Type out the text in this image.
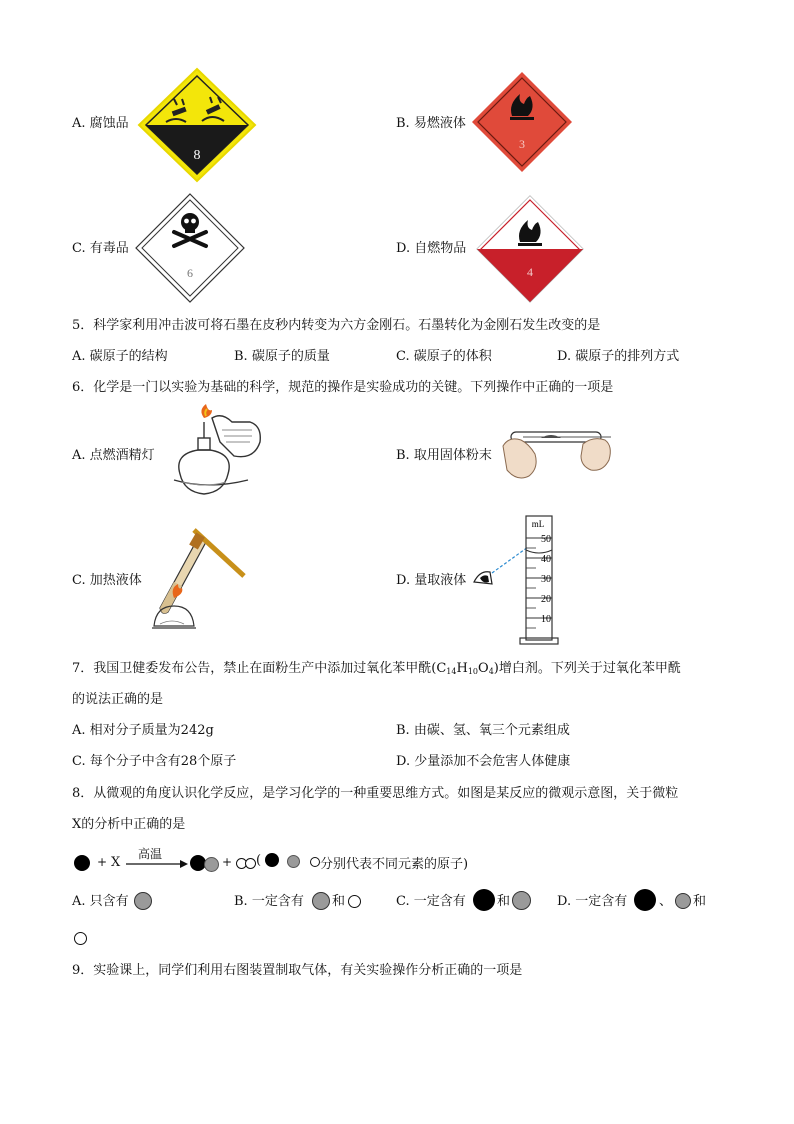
A. 腐蚀品
8
B. 易燃液体
3
C. 有毒品
6
D. 自燃物品
4
5．科学家利用冲击波可将石墨在皮秒内转变为六方金刚石。石墨转化为金刚石发生改变的是
A. 碳原子的结构	B. 碳原子的质量	C. 碳原子的体积	D. 碳原子的排列方式
6．化学是一门以实验为基础的科学，规范的操作是实验成功的关键。下列操作中正确的一项是
A. 点燃酒精灯	B. 取用固体粉末
C. 加热液体	D. 量取液体
mL
50
40
30
20
10
7．我国卫健委发布公告，禁止在面粉生产中添加过氧化苯甲酰$(C_{14}H_{10}O_4)$增白剂。下列关于过氧化苯甲酰
的说法正确的是
A. 相对分子质量为242g	B. 由碳、氢、氧三个元素组成
C. 每个分子中含有28个原子	D. 少量添加不会危害人体健康
8．从微观的角度认识化学反应，是学习化学的一种重要思维方式。如图是某反应的微观示意图，关于微粒
X的分析中正确的是
+ X
高温
+ (	分别代表不同元素的原子)
A. 只含有	B. 一定含有 和	C. 一定含有 和	D. 一定含有 、 和
9．实验课上，同学们利用右图装置制取气体，有关实验操作分析正确的一项是
